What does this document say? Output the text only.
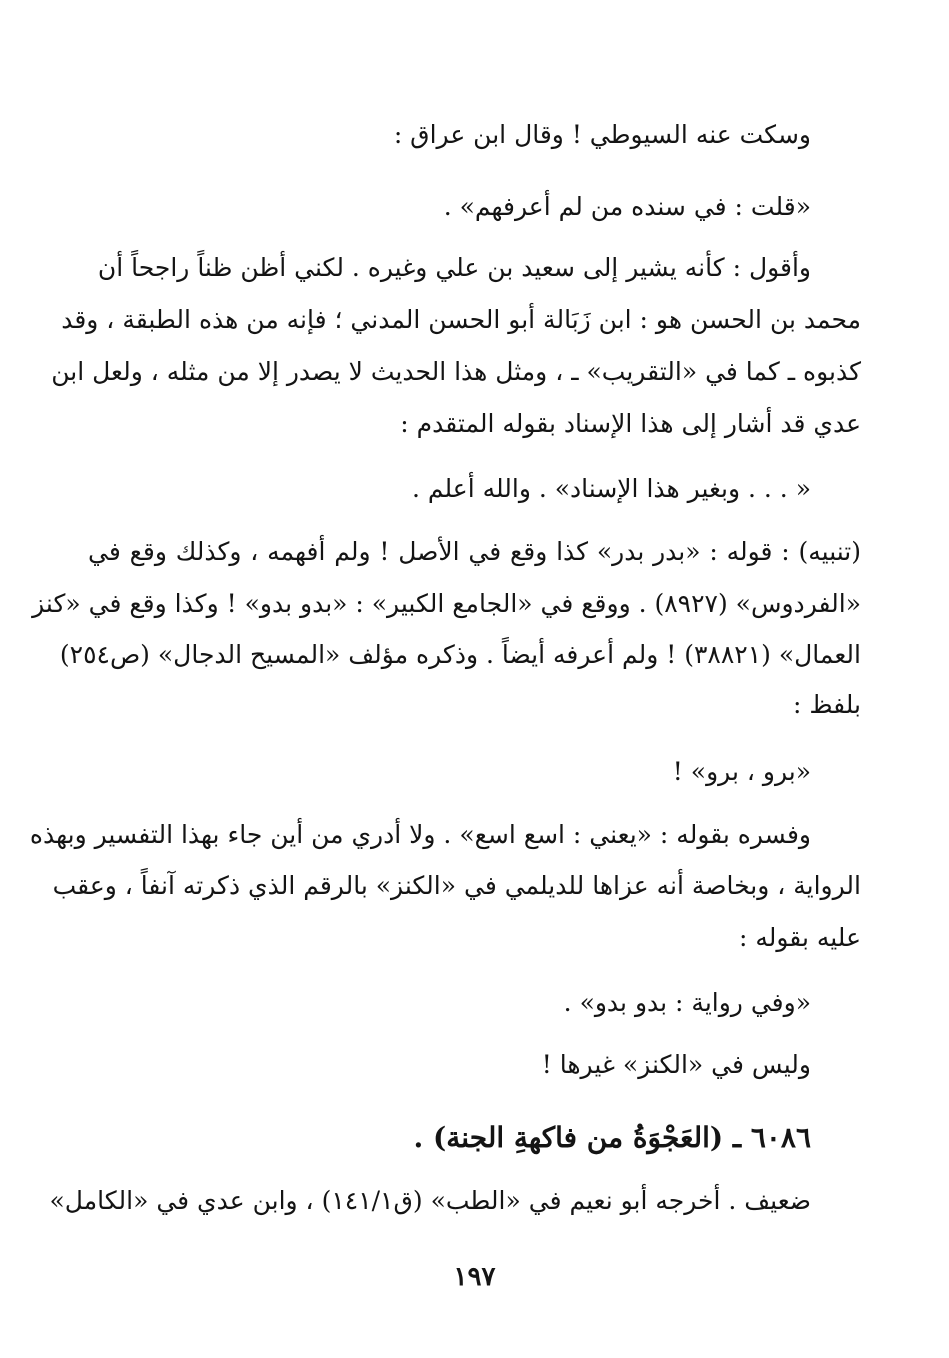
وسكت عنه السيوطي ! وقال ابن عراق :
«قلت : في سنده من لم أعرفهم» .
وأقول : كأنه يشير إلى سعيد بن علي وغيره . لكني أظن ظناً راجحاً أن
محمد بن الحسن هو : ابن زَبَالة أبو الحسن المدني ؛ فإنه من هذه الطبقة ، وقد
كذبوه ـ كما في «التقريب» ـ ، ومثل هذا الحديث لا يصدر إلا من مثله ، ولعل ابن
عدي قد أشار إلى هذا الإسناد بقوله المتقدم :
« . . . وبغير هذا الإسناد» . والله أعلم .
(تنبيه) : قوله : «بدر بدر» كذا وقع في الأصل ! ولم أفهمه ، وكذلك وقع في
«الفردوس» (٨٩٢٧) . ووقع في «الجامع الكبير» : «بدو بدو» ! وكذا وقع في «كنز
العمال» (٣٨٨٢١) ! ولم أعرفه أيضاً . وذكره مؤلف «المسيح الدجال» (ص٢٥٤)
بلفظ :
«برو ، برو» !
وفسره بقوله : «يعني : اسع اسع» . ولا أدري من أين جاء بهذا التفسير وبهذه
الرواية ، وبخاصة أنه عزاها للديلمي في «الكنز» بالرقم الذي ذكرته آنفاً ، وعقب
عليه بقوله :
«وفي رواية : بدو بدو» .
وليس في «الكنز» غيرها !
٦٠٨٦ ـ (العَجْوَةُ من فاكهةِ الجنة) .
ضعيف . أخرجه أبو نعيم في «الطب» (ق١٤١/١) ، وابن عدي في «الكامل»
١٩٧
